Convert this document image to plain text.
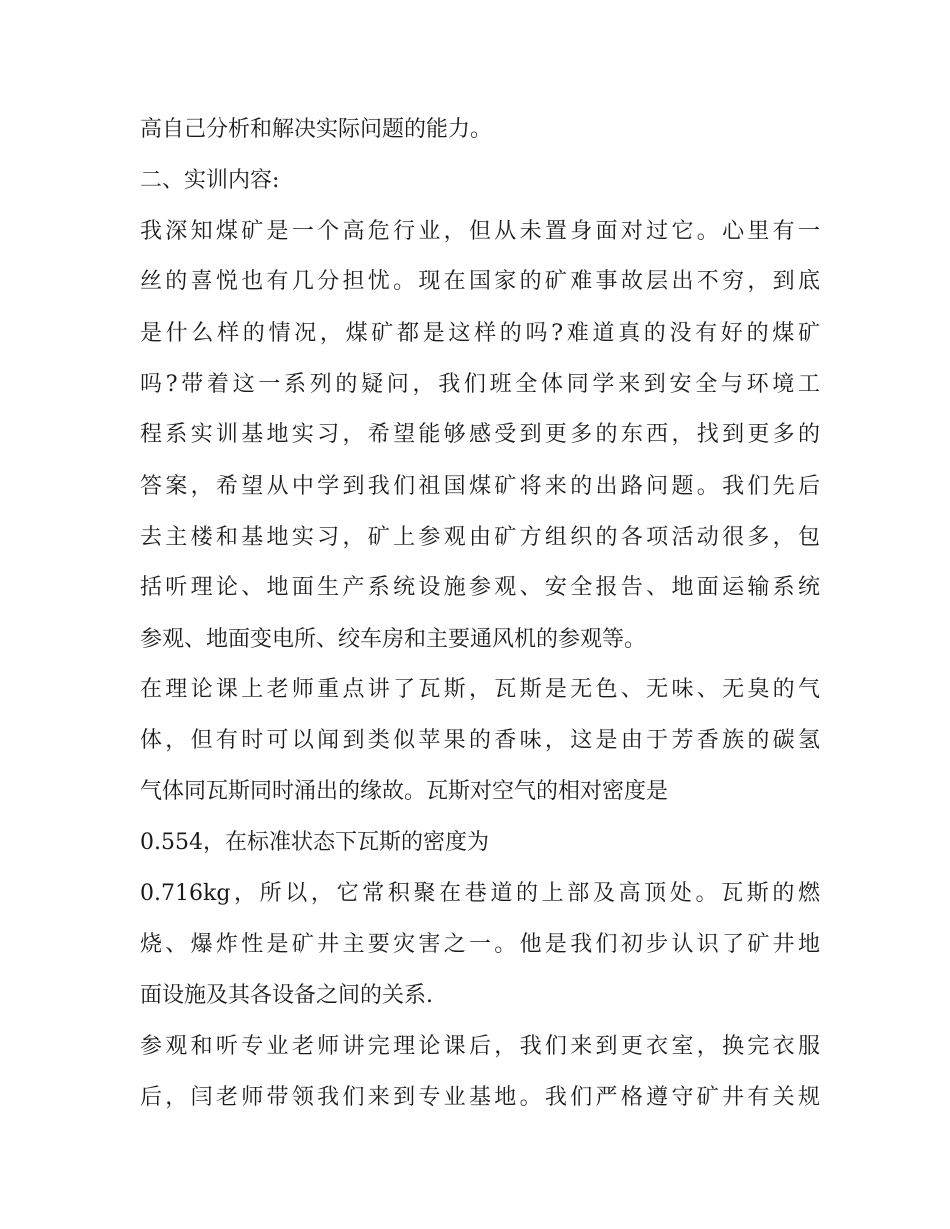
高自己分析和解决实际问题的能力。
二、实训内容:
我深知煤矿是一个高危行业，但从未置身面对过它。心里有一
丝的喜悦也有几分担忧。现在国家的矿难事故层出不穷，到底
是什么样的情况，煤矿都是这样的吗?难道真的没有好的煤矿
吗?带着这一系列的疑问，我们班全体同学来到安全与环境工
程系实训基地实习，希望能够感受到更多的东西，找到更多的
答案，希望从中学到我们祖国煤矿将来的出路问题。我们先后
去主楼和基地实习，矿上参观由矿方组织的各项活动很多，包
括听理论、地面生产系统设施参观、安全报告、地面运输系统
参观、地面变电所、绞车房和主要通风机的参观等。
在理论课上老师重点讲了瓦斯，瓦斯是无色、无味、无臭的气
体，但有时可以闻到类似苹果的香味，这是由于芳香族的碳氢
气体同瓦斯同时涌出的缘故。瓦斯对空气的相对密度是
0.554，在标准状态下瓦斯的密度为
0.716kg，所以，它常积聚在巷道的上部及高顶处。瓦斯的燃
烧、爆炸性是矿井主要灾害之一。他是我们初步认识了矿井地
面设施及其各设备之间的关系.
参观和听专业老师讲完理论课后，我们来到更衣室，换完衣服
后，闫老师带领我们来到专业基地。我们严格遵守矿井有关规
